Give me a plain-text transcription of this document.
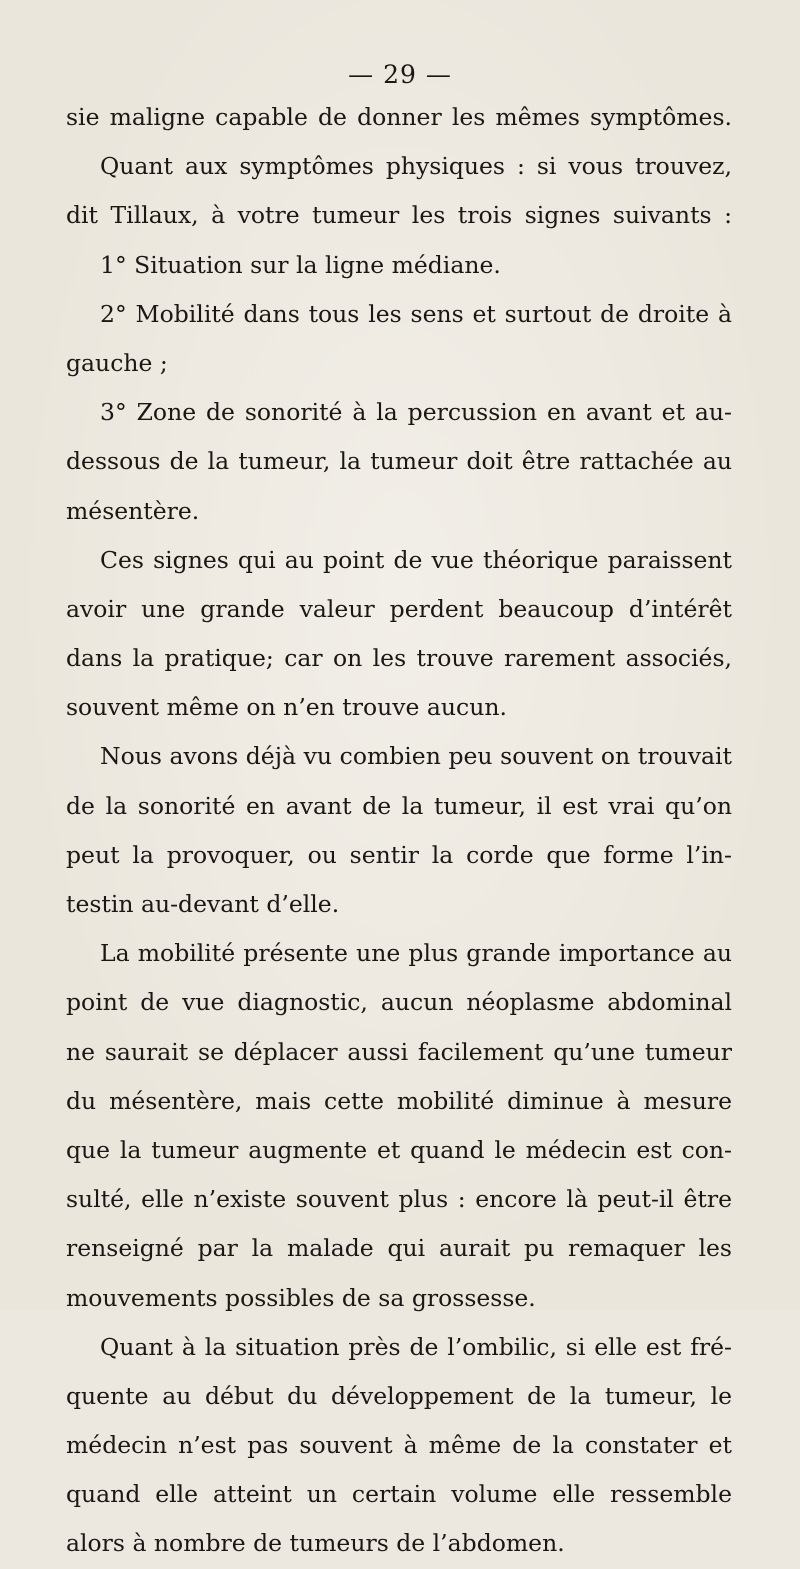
— 29 —
sie maligne capable de donner les mêmes symptômes.
Quant aux symptômes physiques : si vous trouvez,
dit Tillaux, à votre tumeur les trois signes suivants :
1° Situation sur la ligne médiane.
2° Mobilité dans tous les sens et surtout de droite à
gauche ;
3° Zone de sonorité à la percussion en avant et au-
dessous de la tumeur, la tumeur doit être rattachée au
mésentère.
Ces signes qui au point de vue théorique paraissent
avoir une grande valeur perdent beaucoup d’intérêt
dans la pratique; car on les trouve rarement associés,
souvent même on n’en trouve aucun.
Nous avons déjà vu combien peu souvent on trouvait
de la sonorité en avant de la tumeur, il est vrai qu’on
peut la provoquer, ou sentir la corde que forme l’in-
testin au-devant d’elle.
La mobilité présente une plus grande importance au
point de vue diagnostic, aucun néoplasme abdominal
ne saurait se déplacer aussi facilement qu’une tumeur
du mésentère, mais cette mobilité diminue à mesure
que la tumeur augmente et quand le médecin est con-
sulté, elle n’existe souvent plus : encore là peut-il être
renseigné par la malade qui aurait pu remaquer les
mouvements possibles de sa grossesse.
Quant à la situation près de l’ombilic, si elle est fré-
quente au début du développement de la tumeur, le
médecin n’est pas souvent à même de la constater et
quand elle atteint un certain volume elle ressemble
alors à nombre de tumeurs de l’abdomen.
